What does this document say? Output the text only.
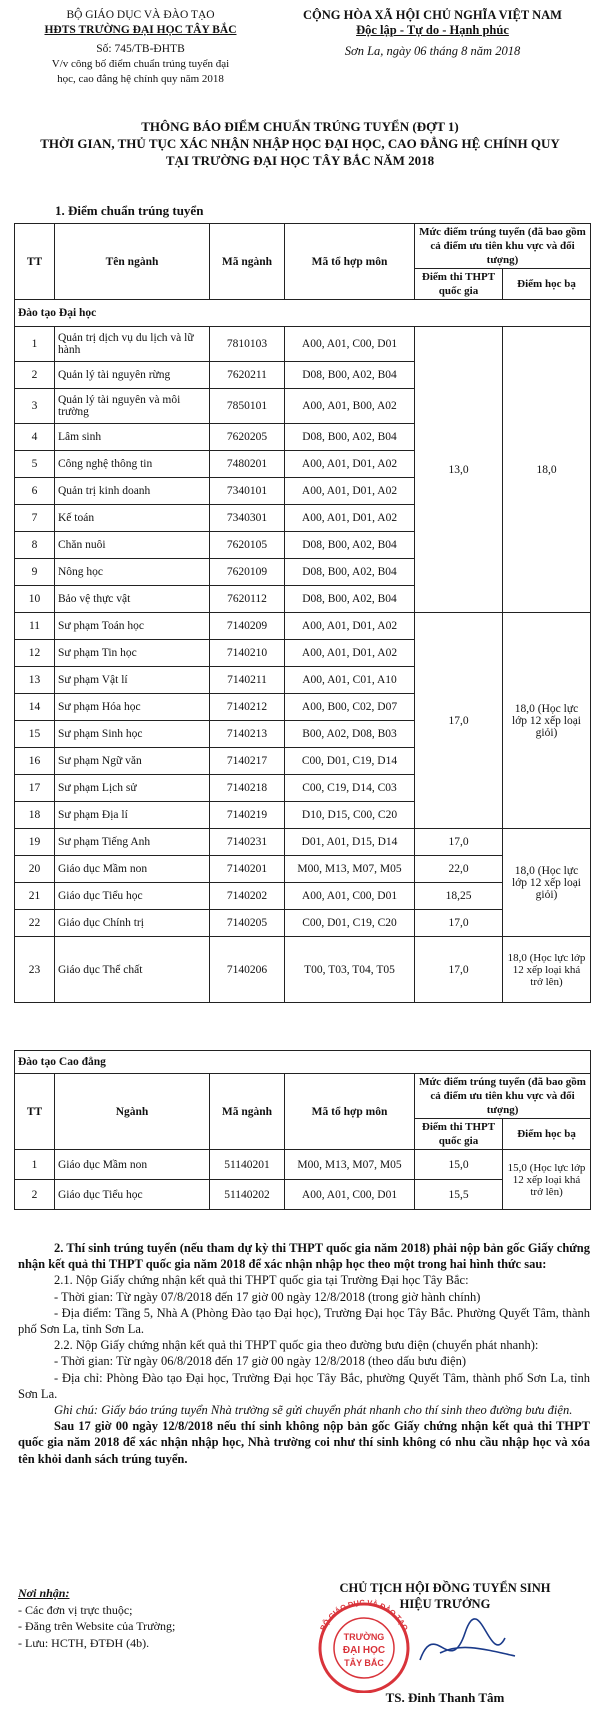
BỘ GIÁO DỤC VÀ ĐÀO TẠO
HĐTS TRƯỜNG ĐẠI HỌC TÂY BẮC
Số: 745/TB-ĐHTB
V/v công bố điểm chuẩn trúng tuyển đại
học, cao đẳng hệ chính quy năm 2018
CỘNG HÒA XÃ HỘI CHỦ NGHĨA VIỆT NAM
Độc lập - Tự do - Hạnh phúc
Sơn La, ngày 06 tháng 8 năm 2018
THÔNG BÁO ĐIỂM CHUẨN TRÚNG TUYỂN (ĐỢT 1)
THỜI GIAN, THỦ TỤC XÁC NHẬN NHẬP HỌC ĐẠI HỌC, CAO ĐẲNG HỆ CHÍNH QUY
TẠI TRƯỜNG ĐẠI HỌC TÂY BẮC NĂM 2018
1. Điểm chuẩn trúng tuyển
TT	Tên ngành	Mã ngành	Mã tổ hợp môn	Mức điểm trúng tuyển (đã bao gồm cả điểm ưu tiên khu vực và đối tượng)	
				Điểm thi THPT quốc gia	Điểm học bạ
Đào tạo Đại học					
1	Quản trị dịch vụ du lịch và lữ hành	7810103	A00, A01, C00, D01	13,0	18,0
2	Quản lý tài nguyên rừng	7620211	D08, B00, A02, B04		
3	Quản lý tài nguyên và môi trường	7850101	A00, A01, B00, A02		
4	Lâm sinh	7620205	D08, B00, A02, B04		
5	Công nghệ thông tin	7480201	A00, A01, D01, A02		
6	Quản trị kinh doanh	7340101	A00, A01, D01, A02		
7	Kế toán	7340301	A00, A01, D01, A02		
8	Chăn nuôi	7620105	D08, B00, A02, B04		
9	Nông học	7620109	D08, B00, A02, B04		
10	Bảo vệ thực vật	7620112	D08, B00, A02, B04		
11	Sư phạm Toán học	7140209	A00, A01, D01, A02	17,0	18,0 (Học lực lớp 12 xếp loại giỏi)
12	Sư phạm Tin học	7140210	A00, A01, D01, A02		
13	Sư phạm Vật lí	7140211	A00, A01, C01, A10		
14	Sư phạm Hóa học	7140212	A00, B00, C02, D07		
15	Sư phạm Sinh học	7140213	B00, A02, D08, B03		
16	Sư phạm Ngữ văn	7140217	C00, D01, C19, D14		
17	Sư phạm Lịch sử	7140218	C00, C19, D14, C03		
18	Sư phạm Địa lí	7140219	D10, D15, C00, C20		
19	Sư phạm Tiếng Anh	7140231	D01, A01, D15, D14	17,0	18,0 (Học lực lớp 12 xếp loại giỏi)
20	Giáo dục Mầm non	7140201	M00, M13, M07, M05	22,0	
21	Giáo dục Tiểu học	7140202	A00, A01, C00, D01	18,25	
22	Giáo dục Chính trị	7140205	C00, D01, C19, C20	17,0	
23	Giáo dục Thể chất	7140206	T00, T03, T04, T05	17,0	18,0 (Học lực lớp 12 xếp loại khá trở lên)
Đào tạo Cao đẳng					
TT	Ngành	Mã ngành	Mã tổ hợp môn	Mức điểm trúng tuyển (đã bao gồm cả điểm ưu tiên khu vực và đối tượng)	
				Điểm thi THPT quốc gia	Điểm học bạ
1	Giáo dục Mầm non	51140201	M00, M13, M07, M05	15,0	15,0 (Học lực lớp 12 xếp loại khá trở lên)
2	Giáo dục Tiểu học	51140202	A00, A01, C00, D01	15,5	

2. Thí sinh trúng tuyển (nếu tham dự kỳ thi THPT quốc gia năm 2018) phải nộp bản gốc Giấy chứng nhận kết quả thi THPT quốc gia năm 2018 để xác nhận nhập học theo một trong hai hình thức sau:

2.1. Nộp Giấy chứng nhận kết quả thi THPT quốc gia tại Trường Đại học Tây Bắc:

- Thời gian: Từ ngày 07/8/2018 đến 17 giờ 00 ngày 12/8/2018 (trong giờ hành chính)

- Địa điểm: Tầng 5, Nhà A (Phòng Đào tạo Đại học), Trường Đại học Tây Bắc. Phường Quyết Tâm, thành phố Sơn La, tỉnh Sơn La.

2.2. Nộp Giấy chứng nhận kết quả thi THPT quốc gia theo đường bưu điện (chuyển phát nhanh):

- Thời gian: Từ ngày 06/8/2018 đến 17 giờ 00 ngày 12/8/2018 (theo dấu bưu điện)

- Địa chỉ: Phòng Đào tạo Đại học, Trường Đại học Tây Bắc, phường Quyết Tâm, thành phố Sơn La, tỉnh Sơn La.

Ghi chú: Giấy báo trúng tuyển Nhà trường sẽ gửi chuyển phát nhanh cho thí sinh theo đường bưu điện.

Sau 17 giờ 00 ngày 12/8/2018 nếu thí sinh không nộp bản gốc Giấy chứng nhận kết quả thi THPT quốc gia năm 2018 để xác nhận nhập học, Nhà trường coi như thí sinh không có nhu cầu nhập học và xóa tên khỏi danh sách trúng tuyển.

Nơi nhận:
- Các đơn vị trực thuộc;
- Đăng trên Website của Trường;
- Lưu: HCTH, ĐTĐH (4b).
CHỦ TỊCH HỘI ĐỒNG TUYỂN SINH
HIỆU TRƯỞNG
BỘ GIÁO DỤC VÀ ĐÀO TẠO
TRƯỜNG
ĐẠI HỌC
TÂY BẮC
TS. Đinh Thanh Tâm
